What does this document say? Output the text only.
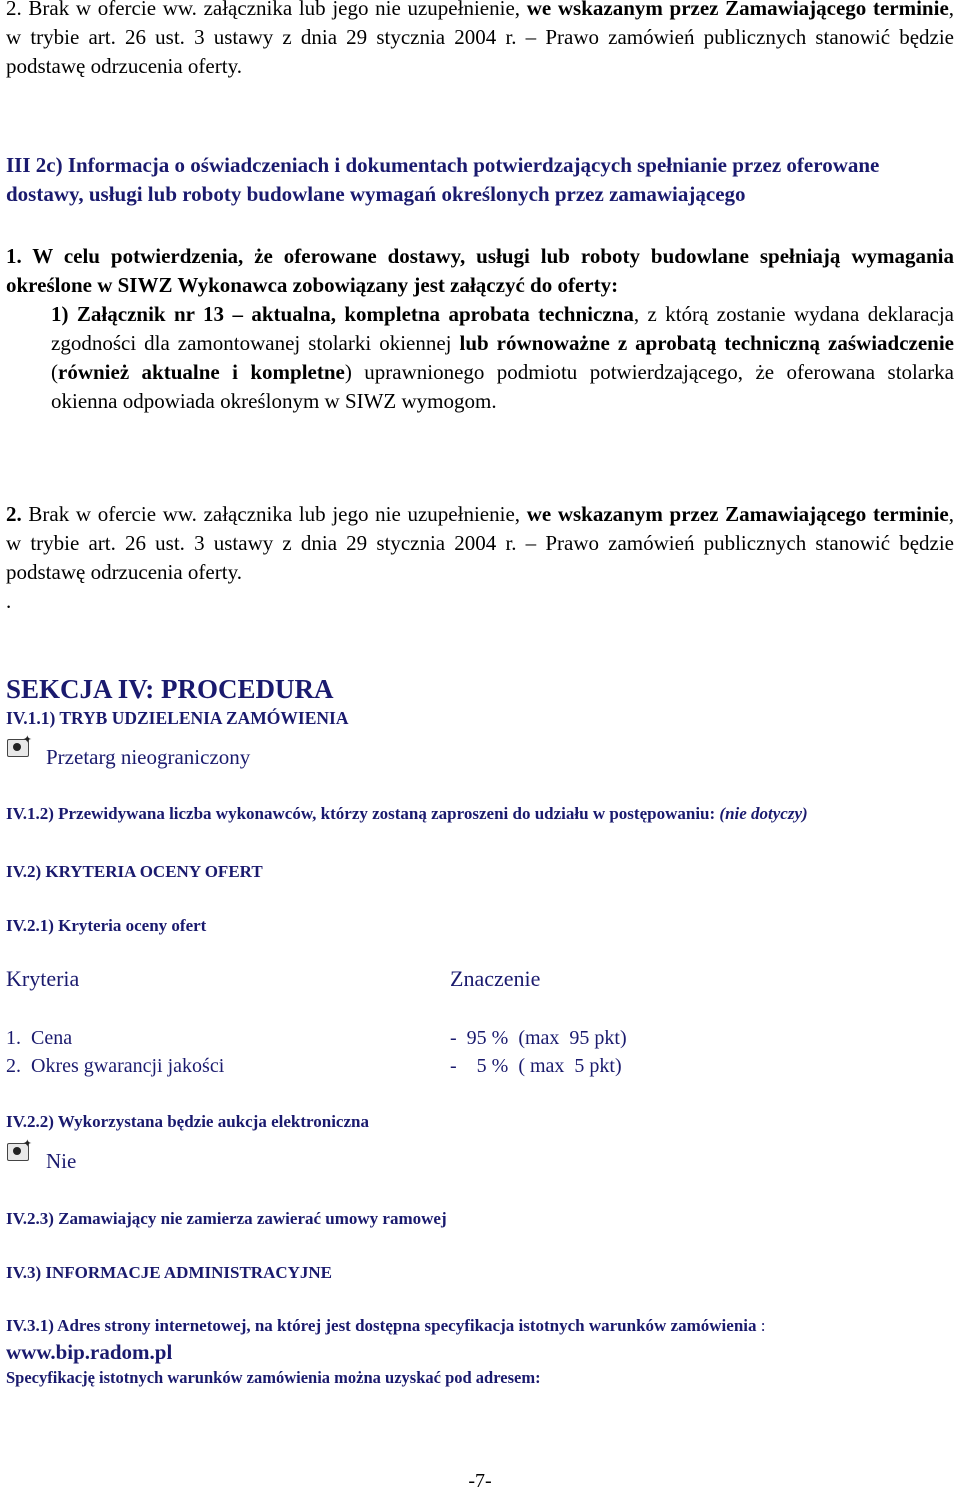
2. Brak w ofercie ww. załącznika lub jego nie uzupełnienie, we wskazanym przez Zamawiającego terminie, w trybie art. 26 ust. 3 ustawy z dnia 29 stycznia 2004 r. – Prawo zamówień publicznych stanowić będzie podstawę odrzucenia oferty.
III 2c) Informacja o oświadczeniach i dokumentach potwierdzających spełnianie przez oferowane dostawy, usługi lub roboty budowlane wymagań określonych przez zamawiającego
1. W celu potwierdzenia, że oferowane dostawy, usługi lub roboty budowlane spełniają wymagania określone w SIWZ Wykonawca zobowiązany jest załączyć do oferty:
1) Załącznik nr 13 – aktualna, kompletna aprobata techniczna, z którą zostanie wydana deklaracja zgodności dla zamontowanej stolarki okiennej lub równoważne z aprobatą techniczną zaświadczenie (również aktualne i kompletne) uprawnionego podmiotu potwierdzającego, że oferowana stolarka okienna odpowiada określonym w SIWZ wymogom.
2. Brak w ofercie ww. załącznika lub jego nie uzupełnienie, we wskazanym przez Zamawiającego terminie, w trybie art. 26 ust. 3 ustawy z dnia 29 stycznia 2004 r. – Prawo zamówień publicznych stanowić będzie podstawę odrzucenia oferty.
.
SEKCJA IV: PROCEDURA
IV.1.1) TRYB UDZIELENIA ZAMÓWIENIA
✦
Przetarg nieograniczony
IV.1.2) Przewidywana liczba wykonawców, którzy zostaną zaproszeni do udziału w postępowaniu: (nie dotyczy)
IV.2) KRYTERIA OCENY OFERT
IV.2.1) Kryteria oceny ofert
Kryteria	Znaczenie
1. Cena	-  95 %  (max  95 pkt)
2. Okres gwarancji jakości	-    5 %  ( max  5 pkt)
IV.2.2) Wykorzystana będzie aukcja elektroniczna
✦
Nie
IV.2.3) Zamawiający nie zamierza zawierać umowy ramowej
IV.3) INFORMACJE ADMINISTRACYJNE
IV.3.1) Adres strony internetowej, na której jest dostępna specyfikacja istotnych warunków zamówienia :
www.bip.radom.pl
Specyfikację istotnych warunków zamówienia można uzyskać pod adresem:
-7-
